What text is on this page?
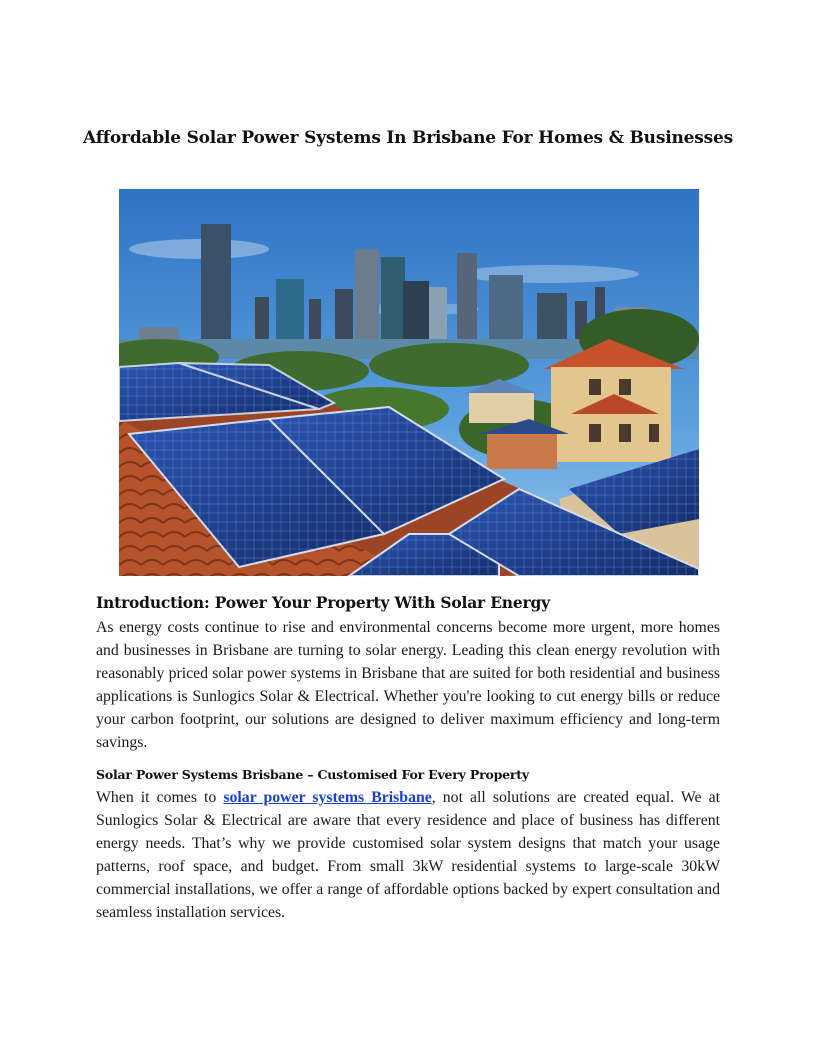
Affordable Solar Power Systems In Brisbane For Homes & Businesses
Introduction: Power Your Property With Solar Energy

As energy costs continue to rise and environmental concerns become more urgent, more homes and businesses in Brisbane are turning to solar energy. Leading this clean energy revolution with reasonably priced solar power systems in Brisbane that are suited for both residential and business applications is Sunlogics Solar & Electrical. Whether you're looking to cut energy bills or reduce your carbon footprint, our solutions are designed to deliver maximum efficiency and long-term savings.

Solar Power Systems Brisbane – Customised For Every Property

When it comes to solar power systems Brisbane, not all solutions are created equal. We at Sunlogics Solar & Electrical are aware that every residence and place of business has different energy needs. That’s why we provide customised solar system designs that match your usage patterns, roof space, and budget. From small 3kW residential systems to large-scale 30kW commercial installations, we offer a range of affordable options backed by expert consultation and seamless installation services.
